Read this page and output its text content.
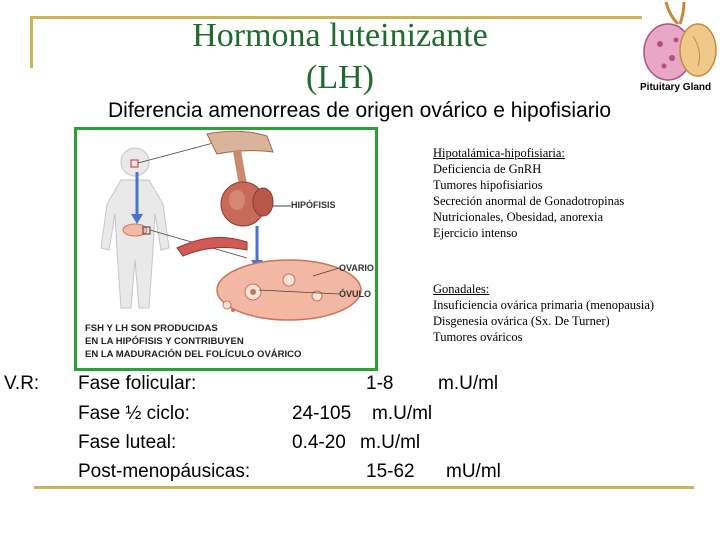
Hormona luteinizante
(LH)
Diferencia amenorreas de origen ovárico e hipofisiario
Pituitary Gland
HIPÓFISIS
OVARIO
ÓVULO
FSH Y LH SON PRODUCIDAS
EN LA HIPÓFISIS Y CONTRIBUYEN
EN LA MADURACIÓN DEL FOLÍCULO OVÁRICO
Hipotalámica-hipofisiaria:
Deficiencia de GnRH
Tumores hipofisiarios
Secreción anormal de Gonadotropinas
Nutricionales, Obesidad, anorexia
Ejercicio intenso
Gonadales:
Insuficiencia ovárica primaria (menopausia)
Disgenesia ovárica (Sx. De Turner)
Tumores ováricos
V.R: Fase folicular:	1-8 m.U/ml
Fase ½ ciclo:	24-105 m.U/ml
Fase luteal:	0.4-20 m.U/ml
Post-menopáusicas:	15-62 mU/ml
